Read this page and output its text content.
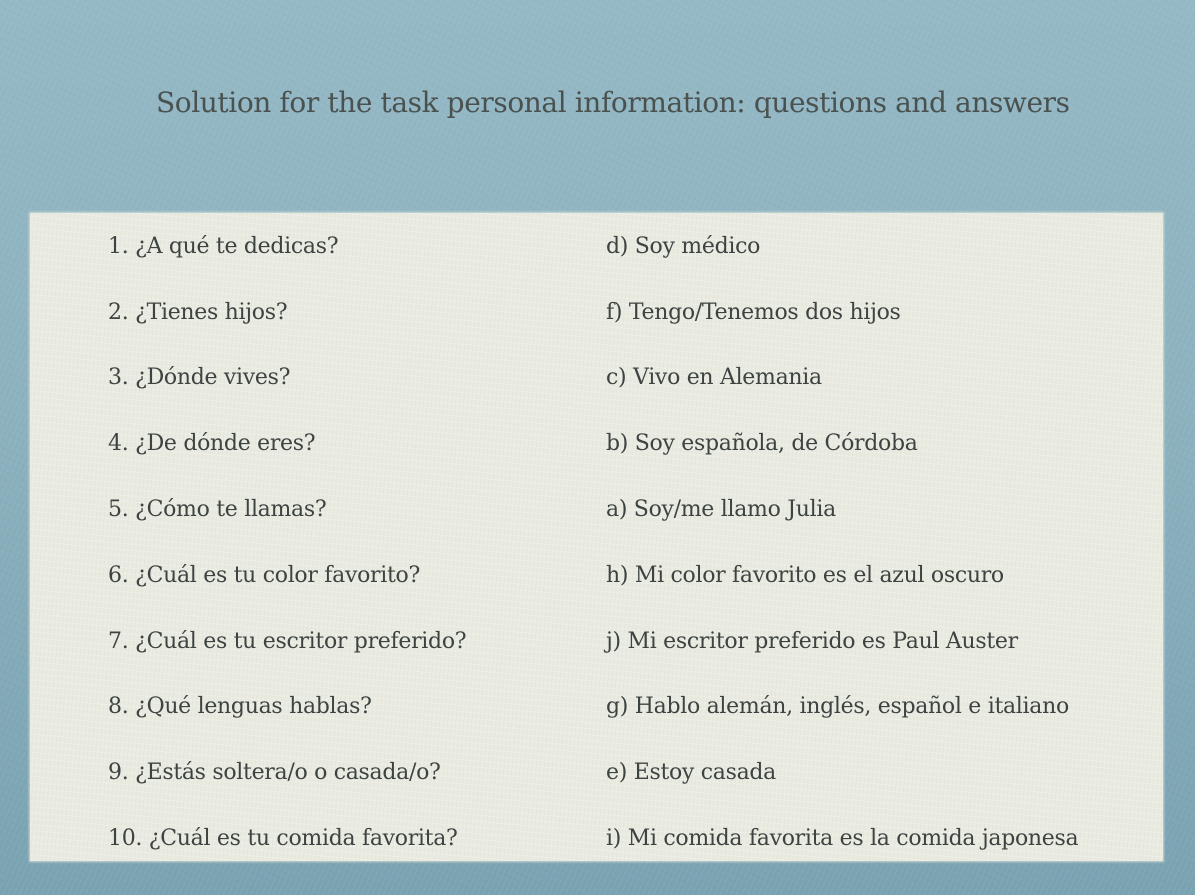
Solution for the task personal information: questions and answers
1. ¿A qué te dedicas?	d) Soy médico
2. ¿Tienes hijos?	f) Tengo/Tenemos dos hijos
3. ¿Dónde vives?	c) Vivo en Alemania
4. ¿De dónde eres?	b) Soy española, de Córdoba
5. ¿Cómo te llamas?	a) Soy/me llamo Julia
6. ¿Cuál es tu color favorito?	h) Mi color favorito es el azul oscuro
7. ¿Cuál es tu escritor preferido?	j) Mi escritor preferido es Paul Auster
8. ¿Qué lenguas hablas?	g) Hablo alemán, inglés, español e italiano
9. ¿Estás soltera/o o casada/o?	e) Estoy casada
10. ¿Cuál es tu comida favorita?	i) Mi comida favorita es la comida japonesa
